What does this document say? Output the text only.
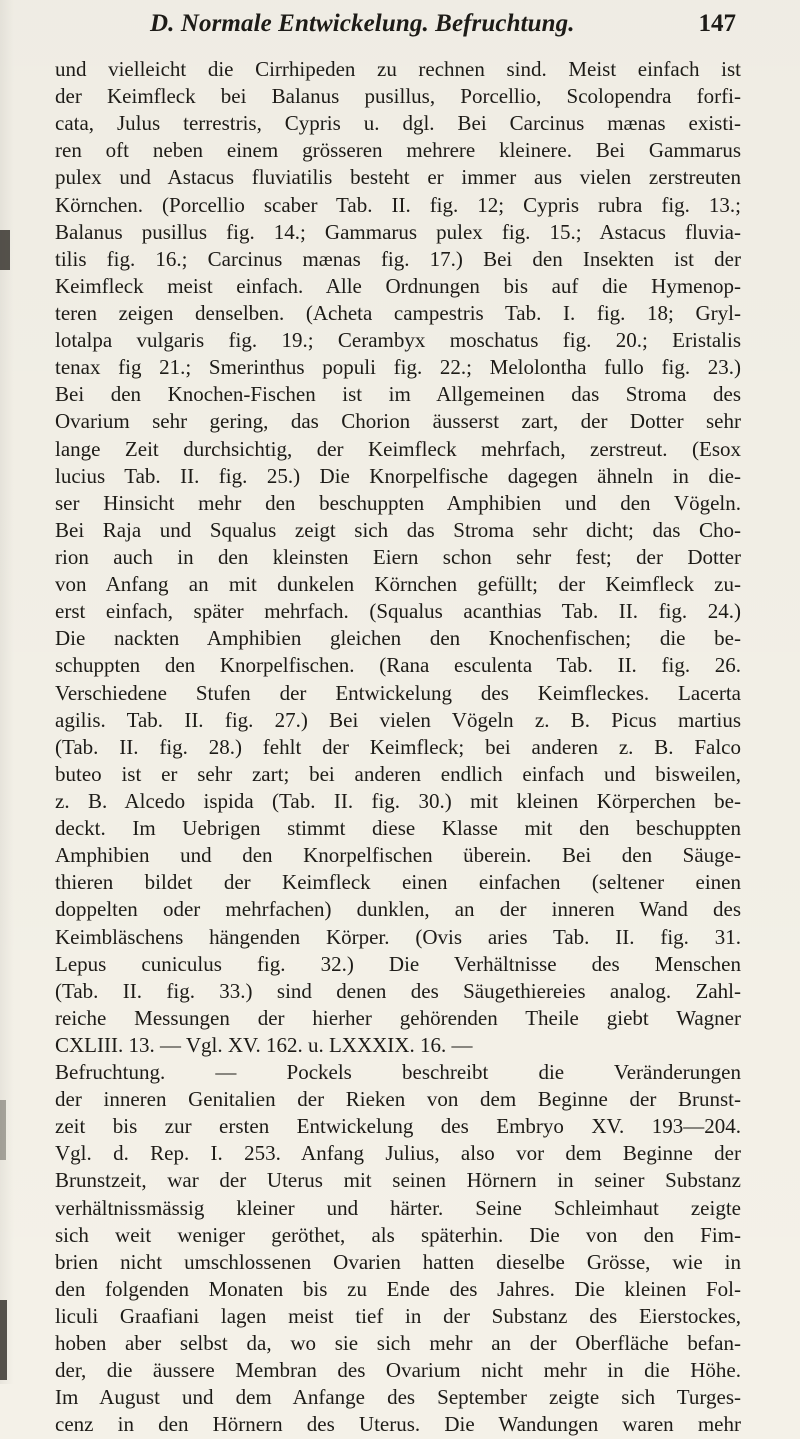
D. Normale Entwickelung. Befruchtung.	147
und vielleicht die Cirrhipeden zu rechnen sind. Meist einfach ist
der Keimfleck bei Balanus pusillus, Porcellio, Scolopendra forfi-
cata, Julus terrestris, Cypris u. dgl. Bei Carcinus mænas existi-
ren oft neben einem grösseren mehrere kleinere. Bei Gammarus
pulex und Astacus fluviatilis besteht er immer aus vielen zerstreuten
Körnchen. (Porcellio scaber Tab. II. fig. 12; Cypris rubra fig. 13.;
Balanus pusillus fig. 14.; Gammarus pulex fig. 15.; Astacus fluvia-
tilis fig. 16.; Carcinus mænas fig. 17.) Bei den Insekten ist der
Keimfleck meist einfach. Alle Ordnungen bis auf die Hymenop-
teren zeigen denselben. (Acheta campestris Tab. I. fig. 18; Gryl-
lotalpa vulgaris fig. 19.; Cerambyx moschatus fig. 20.; Eristalis
tenax fig 21.; Smerinthus populi fig. 22.; Melolontha fullo fig. 23.)
Bei den Knochen-Fischen ist im Allgemeinen das Stroma des
Ovarium sehr gering, das Chorion äusserst zart, der Dotter sehr
lange Zeit durchsichtig, der Keimfleck mehrfach, zerstreut. (Esox
lucius Tab. II. fig. 25.) Die Knorpelfische dagegen ähneln in die-
ser Hinsicht mehr den beschuppten Amphibien und den Vögeln.
Bei Raja und Squalus zeigt sich das Stroma sehr dicht; das Cho-
rion auch in den kleinsten Eiern schon sehr fest; der Dotter
von Anfang an mit dunkelen Körnchen gefüllt; der Keimfleck zu-
erst einfach, später mehrfach. (Squalus acanthias Tab. II. fig. 24.)
Die nackten Amphibien gleichen den Knochenfischen; die be-
schuppten den Knorpelfischen. (Rana esculenta Tab. II. fig. 26.
Verschiedene Stufen der Entwickelung des Keimfleckes. Lacerta
agilis. Tab. II. fig. 27.) Bei vielen Vögeln z. B. Picus martius
(Tab. II. fig. 28.) fehlt der Keimfleck; bei anderen z. B. Falco
buteo ist er sehr zart; bei anderen endlich einfach und bisweilen,
z. B. Alcedo ispida (Tab. II. fig. 30.) mit kleinen Körperchen be-
deckt. Im Uebrigen stimmt diese Klasse mit den beschuppten
Amphibien und den Knorpelfischen überein. Bei den Säuge-
thieren bildet der Keimfleck einen einfachen (seltener einen
doppelten oder mehrfachen) dunklen, an der inneren Wand des
Keimbläschens hängenden Körper. (Ovis aries Tab. II. fig. 31.
Lepus cuniculus fig. 32.) Die Verhältnisse des Menschen
(Tab. II. fig. 33.) sind denen des Säugethiereies analog. Zahl-
reiche Messungen der hierher gehörenden Theile giebt Wagner
CXLIII. 13. — Vgl. XV. 162. u. LXXXIX. 16. —
Befruchtung. — Pockels beschreibt die Veränderungen
der inneren Genitalien der Rieken von dem Beginne der Brunst-
zeit bis zur ersten Entwickelung des Embryo XV. 193—204.
Vgl. d. Rep. I. 253. Anfang Julius, also vor dem Beginne der
Brunstzeit, war der Uterus mit seinen Hörnern in seiner Substanz
verhältnissmässig kleiner und härter. Seine Schleimhaut zeigte
sich weit weniger geröthet, als späterhin. Die von den Fim-
brien nicht umschlossenen Ovarien hatten dieselbe Grösse, wie in
den folgenden Monaten bis zu Ende des Jahres. Die kleinen Fol-
liculi Graafiani lagen meist tief in der Substanz des Eierstockes,
hoben aber selbst da, wo sie sich mehr an der Oberfläche befan-
der, die äussere Membran des Ovarium nicht mehr in die Höhe.
Im August und dem Anfange des September zeigte sich Turges-
cenz in den Hörnern des Uterus. Die Wandungen waren mehr
